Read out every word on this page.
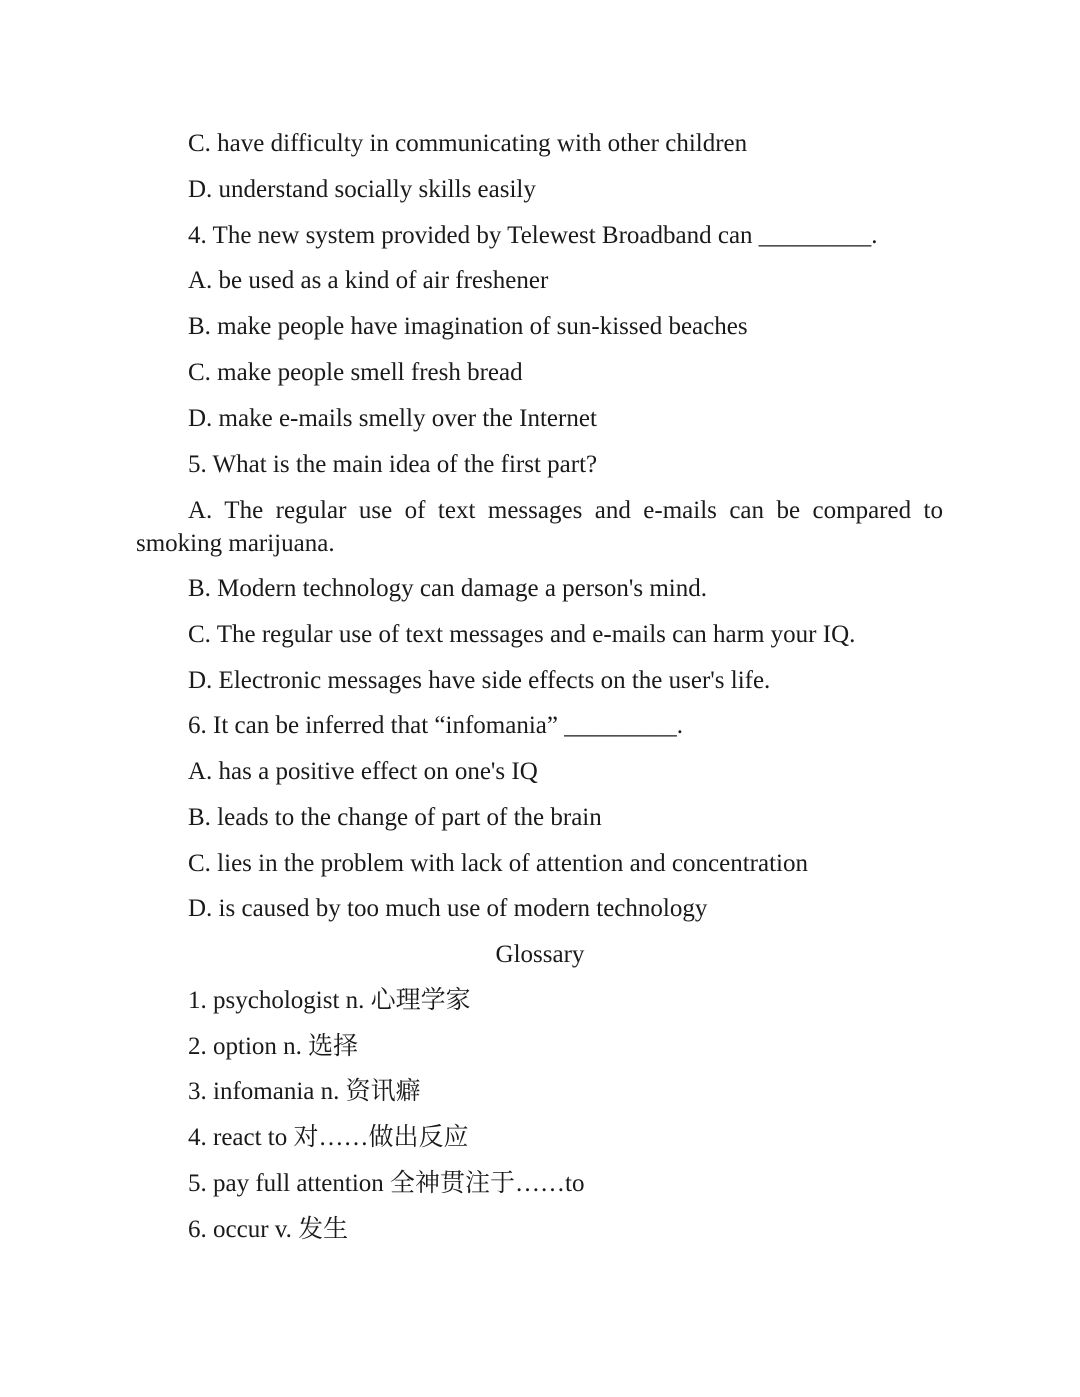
C. have difficulty in communicating with other children
D. understand socially skills easily
4. The new system provided by Telewest Broadband can _________.
A. be used as a kind of air freshener
B. make people have imagination of sun-kissed beaches
C. make people smell fresh bread
D. make e-mails smelly over the Internet
5. What is the main idea of the first part?
A. The regular use of text messages and e-mails can be compared to smoking marijuana.
B. Modern technology can damage a person's mind.
C. The regular use of text messages and e-mails can harm your IQ.
D. Electronic messages have side effects on the user's life.
6. It can be inferred that “infomania” _________.
A. has a positive effect on one's IQ
B. leads to the change of part of the brain
C. lies in the problem with lack of attention and concentration
D. is caused by too much use of modern technology
Glossary
1. psychologist n. 心理学家
2. option n. 选择
3. infomania n. 资讯癖
4. react to 对……做出反应
5. pay full attention 全神贯注于……to
6. occur v. 发生
